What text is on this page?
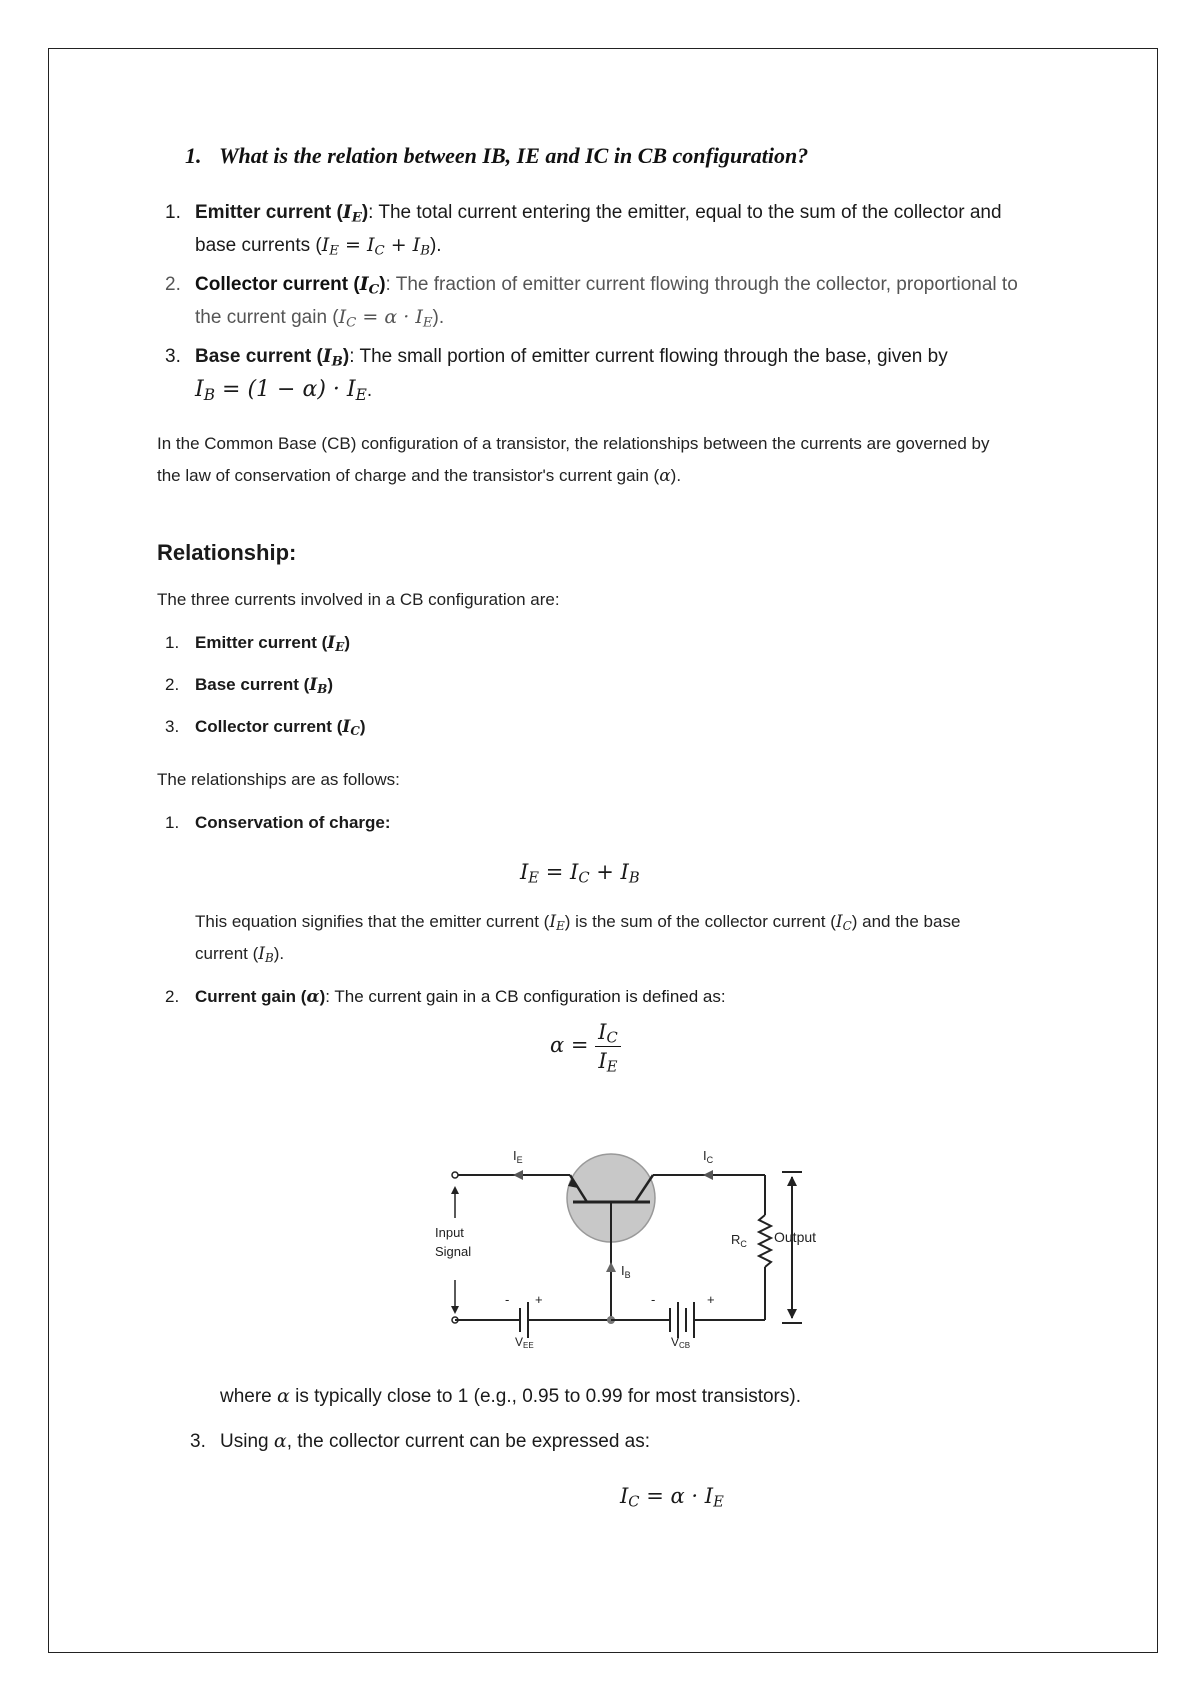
1. What is the relation between IB, IE and IC in CB configuration?
1. Emitter current $(I_E)$: The total current entering the emitter, equal to the sum of the collector and base currents $(I_E = I_C + I_B)$.
2. Collector current $(I_C)$: The fraction of emitter current flowing through the collector, proportional to the current gain $(I_C = \alpha \cdot I_E)$.
3. Base current $(I_B)$: The small portion of emitter current flowing through the base, given by
$I_B = (1 - \alpha) \cdot I_E$.
In the Common Base (CB) configuration of a transistor, the relationships between the currents are governed by the law of conservation of charge and the transistor's current gain (α).
Relationship:
The three currents involved in a CB configuration are:
1. Emitter current $(I_E)$
2. Base current $(I_B)$
3. Collector current $(I_C)$
The relationships are as follows:
1. Conservation of charge:
$I_E = I_C + I_B$
This equation signifies that the emitter current $(I_E)$ is the sum of the collector current $(I_C)$ and the base current $(I_B)$.
2. Current gain (α): The current gain in a CB configuration is defined as:
$\alpha = \frac{I_C}{I_E}$
$I_E$	$I_C$
Input
Signal
- +
VEE
$I_B$
-	+
VCB
$R_C$ Output
where α is typically close to 1 (e.g., 0.95 to 0.99 for most transistors).
3. Using α, the collector current can be expressed as:
$I_C = \alpha \cdot I_E$
